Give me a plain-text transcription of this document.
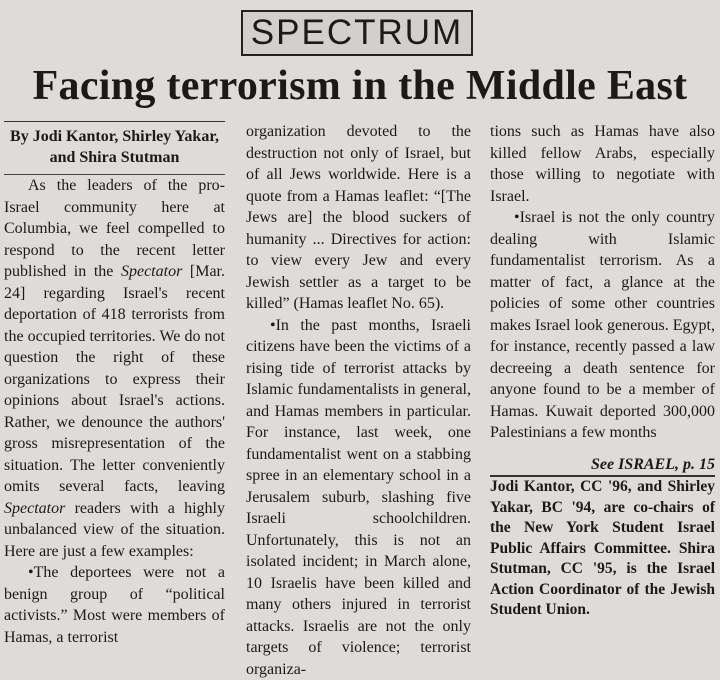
SPECTRUM
Facing terrorism in the Middle East
By Jodi Kantor, Shirley Yakar,
and Shira Stutman

As the leaders of the pro-Israel community here at Columbia, we feel compelled to respond to the recent letter published in the Spectator [Mar. 24] regarding Israel's recent deportation of 418 terrorists from the occupied territories. We do not question the right of these organizations to express their opinions about Israel's actions. Rather, we denounce the authors' gross misrepresentation of the situation. The letter conveniently omits several facts, leaving Spectator readers with a highly unbalanced view of the situation. Here are just a few examples:

•The deportees were not a benign group of “political activists.” Most were members of Hamas, a terrorist

organization devoted to the destruction not only of Israel, but of all Jews worldwide. Here is a quote from a Hamas leaflet: “[The Jews are] the blood suckers of humanity ... Directives for action: to view every Jew and every Jewish settler as a target to be killed” (Hamas leaflet No. 65).

•In the past months, Israeli citizens have been the victims of a rising tide of terrorist attacks by Islamic fundamentalists in general, and Hamas members in particular. For instance, last week, one fundamentalist went on a stabbing spree in an elementary school in a Jerusalem suburb, slashing five Israeli schoolchildren. Unfortunately, this is not an isolated incident; in March alone, 10 Israelis have been killed and many others injured in terrorist attacks. Israelis are not the only targets of violence; terrorist organiza-

tions such as Hamas have also killed fellow Arabs, especially those willing to negotiate with Israel.

•Israel is not the only country dealing with Islamic fundamentalist terrorism. As a matter of fact, a glance at the policies of some other countries makes Israel look generous. Egypt, for instance, recently passed a law decreeing a death sentence for anyone found to be a member of Hamas. Kuwait deported 300,000 Palestinians a few months

See ISRAEL, p. 15

Jodi Kantor, CC '96, and Shirley Yakar, BC '94, are co-chairs of the New York Student Israel Public Affairs Committee. Shira Stutman, CC '95, is the Israel Action Coordinator of the Jewish Student Union.
